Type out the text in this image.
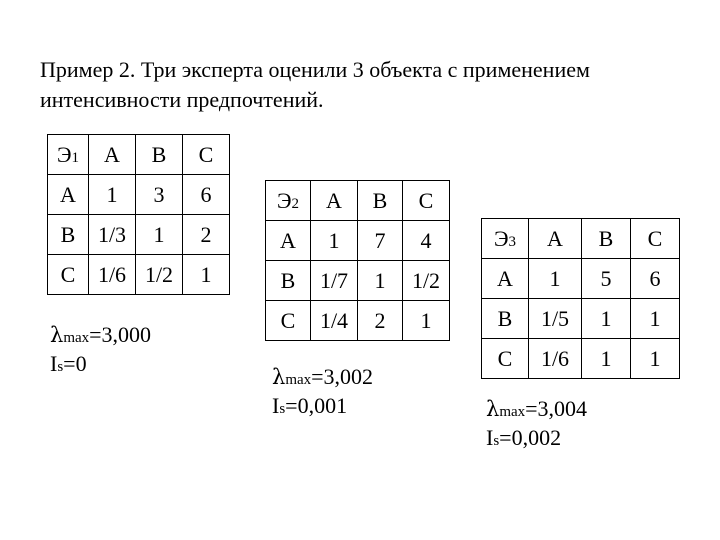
Пример 2. Три эксперта оценили 3 объекта с применением
интенсивности предпочтений.
Э1	A	B	C
A	1	3	6
B	1/3	1	2
C	1/6	1/2	1
λmax=3,000
Is=0
Э2	A	B	C
A	1	7	4
B	1/7	1	1/2
C	1/4	2	1
λmax=3,002
Is=0,001
Э3	A	B	C
A	1	5	6
B	1/5	1	1
C	1/6	1	1
λmax=3,004
Is=0,002
